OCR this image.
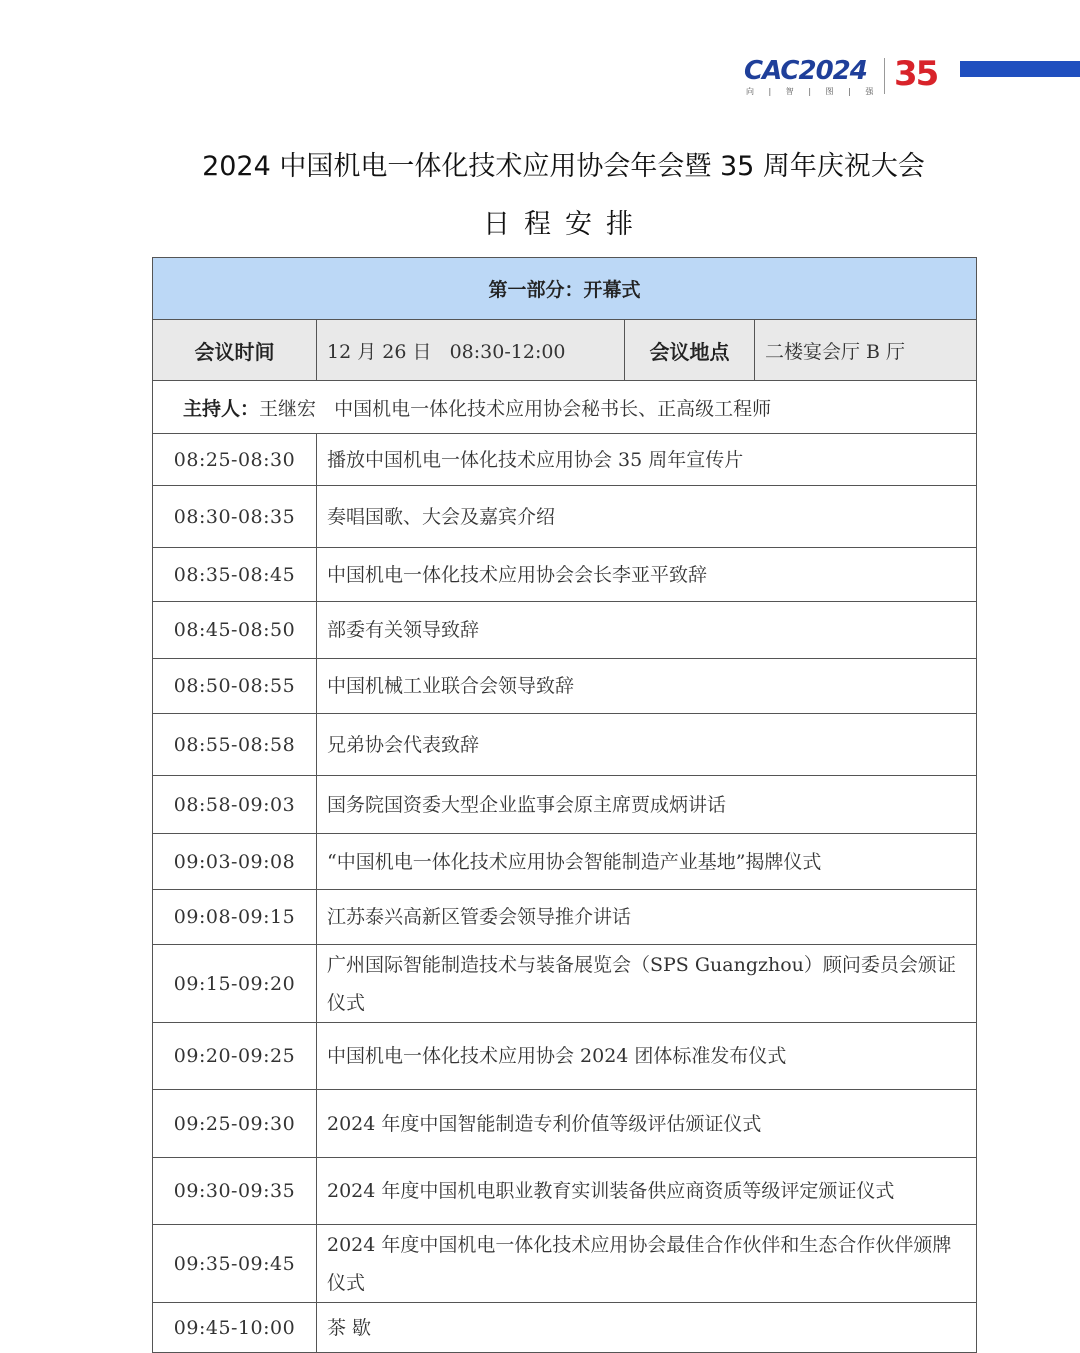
CAC2024
向 | 智 | 图 | 强 35
2024 中国机电一体化技术应用协会年会暨 35 周年庆祝大会
日程安排
第一部分：开幕式			
会议时间	12 月 26 日   08:30-12:00	会议地点	二楼宴会厅 B 厅
主持人：王继宏   中国机电一体化技术应用协会秘书长、正高级工程师			
08:25-08:30	播放中国机电一体化技术应用协会 35 周年宣传片		
08:30-08:35	奏唱国歌、大会及嘉宾介绍		
08:35-08:45	中国机电一体化技术应用协会会长李亚平致辞		
08:45-08:50	部委有关领导致辞		
08:50-08:55	中国机械工业联合会领导致辞		
08:55-08:58	兄弟协会代表致辞		
08:58-09:03	国务院国资委大型企业监事会原主席贾成炳讲话		
09:03-09:08	“中国机电一体化技术应用协会智能制造产业基地”揭牌仪式		
09:08-09:15	江苏泰兴高新区管委会领导推介讲话		
09:15-09:20	广州国际智能制造技术与装备展览会（SPS Guangzhou）顾问委员会颁证仪式		
09:20-09:25	中国机电一体化技术应用协会 2024 团体标准发布仪式		
09:25-09:30	2024 年度中国智能制造专利价值等级评估颁证仪式		
09:30-09:35	2024 年度中国机电职业教育实训装备供应商资质等级评定颁证仪式		
09:35-09:45	2024 年度中国机电一体化技术应用协会最佳合作伙伴和生态合作伙伴颁牌仪式		
09:45-10:00	茶 歇		
